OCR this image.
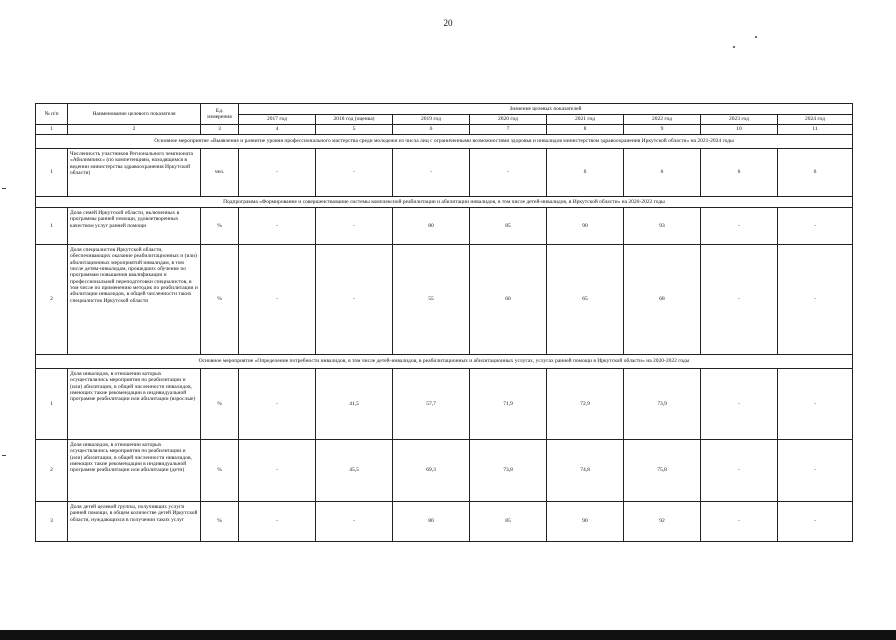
20
№ п/п	Наименование целевого показателя	Ед. измерения	Значение целевых показателей							
			2017 год	2018 год (оценка)	2019 год	2020 год	2021 год	2022 год	2023 год	2024 год
1	2	3	4	5	6	7	8	9	10	11
Основное мероприятие «Выявление и развитие уровня профессионального мастерства среди молодежи из числа лиц с ограниченными возможностями здоровья и инвалидов министерством здравоохранения Иркутской области» на 2021-2024 годы										
1	Численность участников Регионального чемпионата «Абилимпикс» (по компетенциям, находящимся в ведении министерства здравоохранения Иркутской области)	чел.	-	-	-	-	6	6	6	6
Подпрограмма «Формирование и совершенствование системы комплексной реабилитации и абилитации инвалидов, в том числе детей-инвалидов, в Иркутской области» на 2020-2022 годы										
1	Доля семей Иркутской области, включенных в программы ранней помощи, удовлетворенных качеством услуг ранней помощи	%	-	-	80	85	90	93	-	-
2	Доля специалистов Иркутской области, обеспечивающих оказание реабилитационных и (или) абилитационных мероприятий инвалидам, в том числе детям-инвалидам, прошедших обучение по программам повышения квалификации и профессиональной переподготовки специалистов, в том числе по применению методик по реабилитации и абилитации инвалидов, в общей численности таких специалистов Иркутской области	%	-	-	55	60	65	68	-	-
Основное мероприятие «Определение потребности инвалидов, в том числе детей-инвалидов, в реабилитационных и абилитационных услугах, услугах ранней помощи в Иркутской области» на 2020-2022 годы										
1	Доля инвалидов, в отношении которых осуществлялись мероприятия по реабилитации и (или) абилитации, в общей численности инвалидов, имеющих такие рекомендации в индивидуальной программе реабилитации или абилитации (взрослые)	%	-	41,5	57,7	71,9	72,9	73,9	-	-
2	Доля инвалидов, в отношении которых осуществлялись мероприятия по реабилитации и (или) абилитации, в общей численности инвалидов, имеющих такие рекомендации в индивидуальной программе реабилитации или абилитации (дети)	%	-	45,5	69,3	73,8	74,8	75,8	-	-
3	Доля детей целевой группы, получивших услуги ранней помощи, в общем количестве детей Иркутской области, нуждающихся в получении таких услуг	%	-	-	80	85	90	92	-	-
